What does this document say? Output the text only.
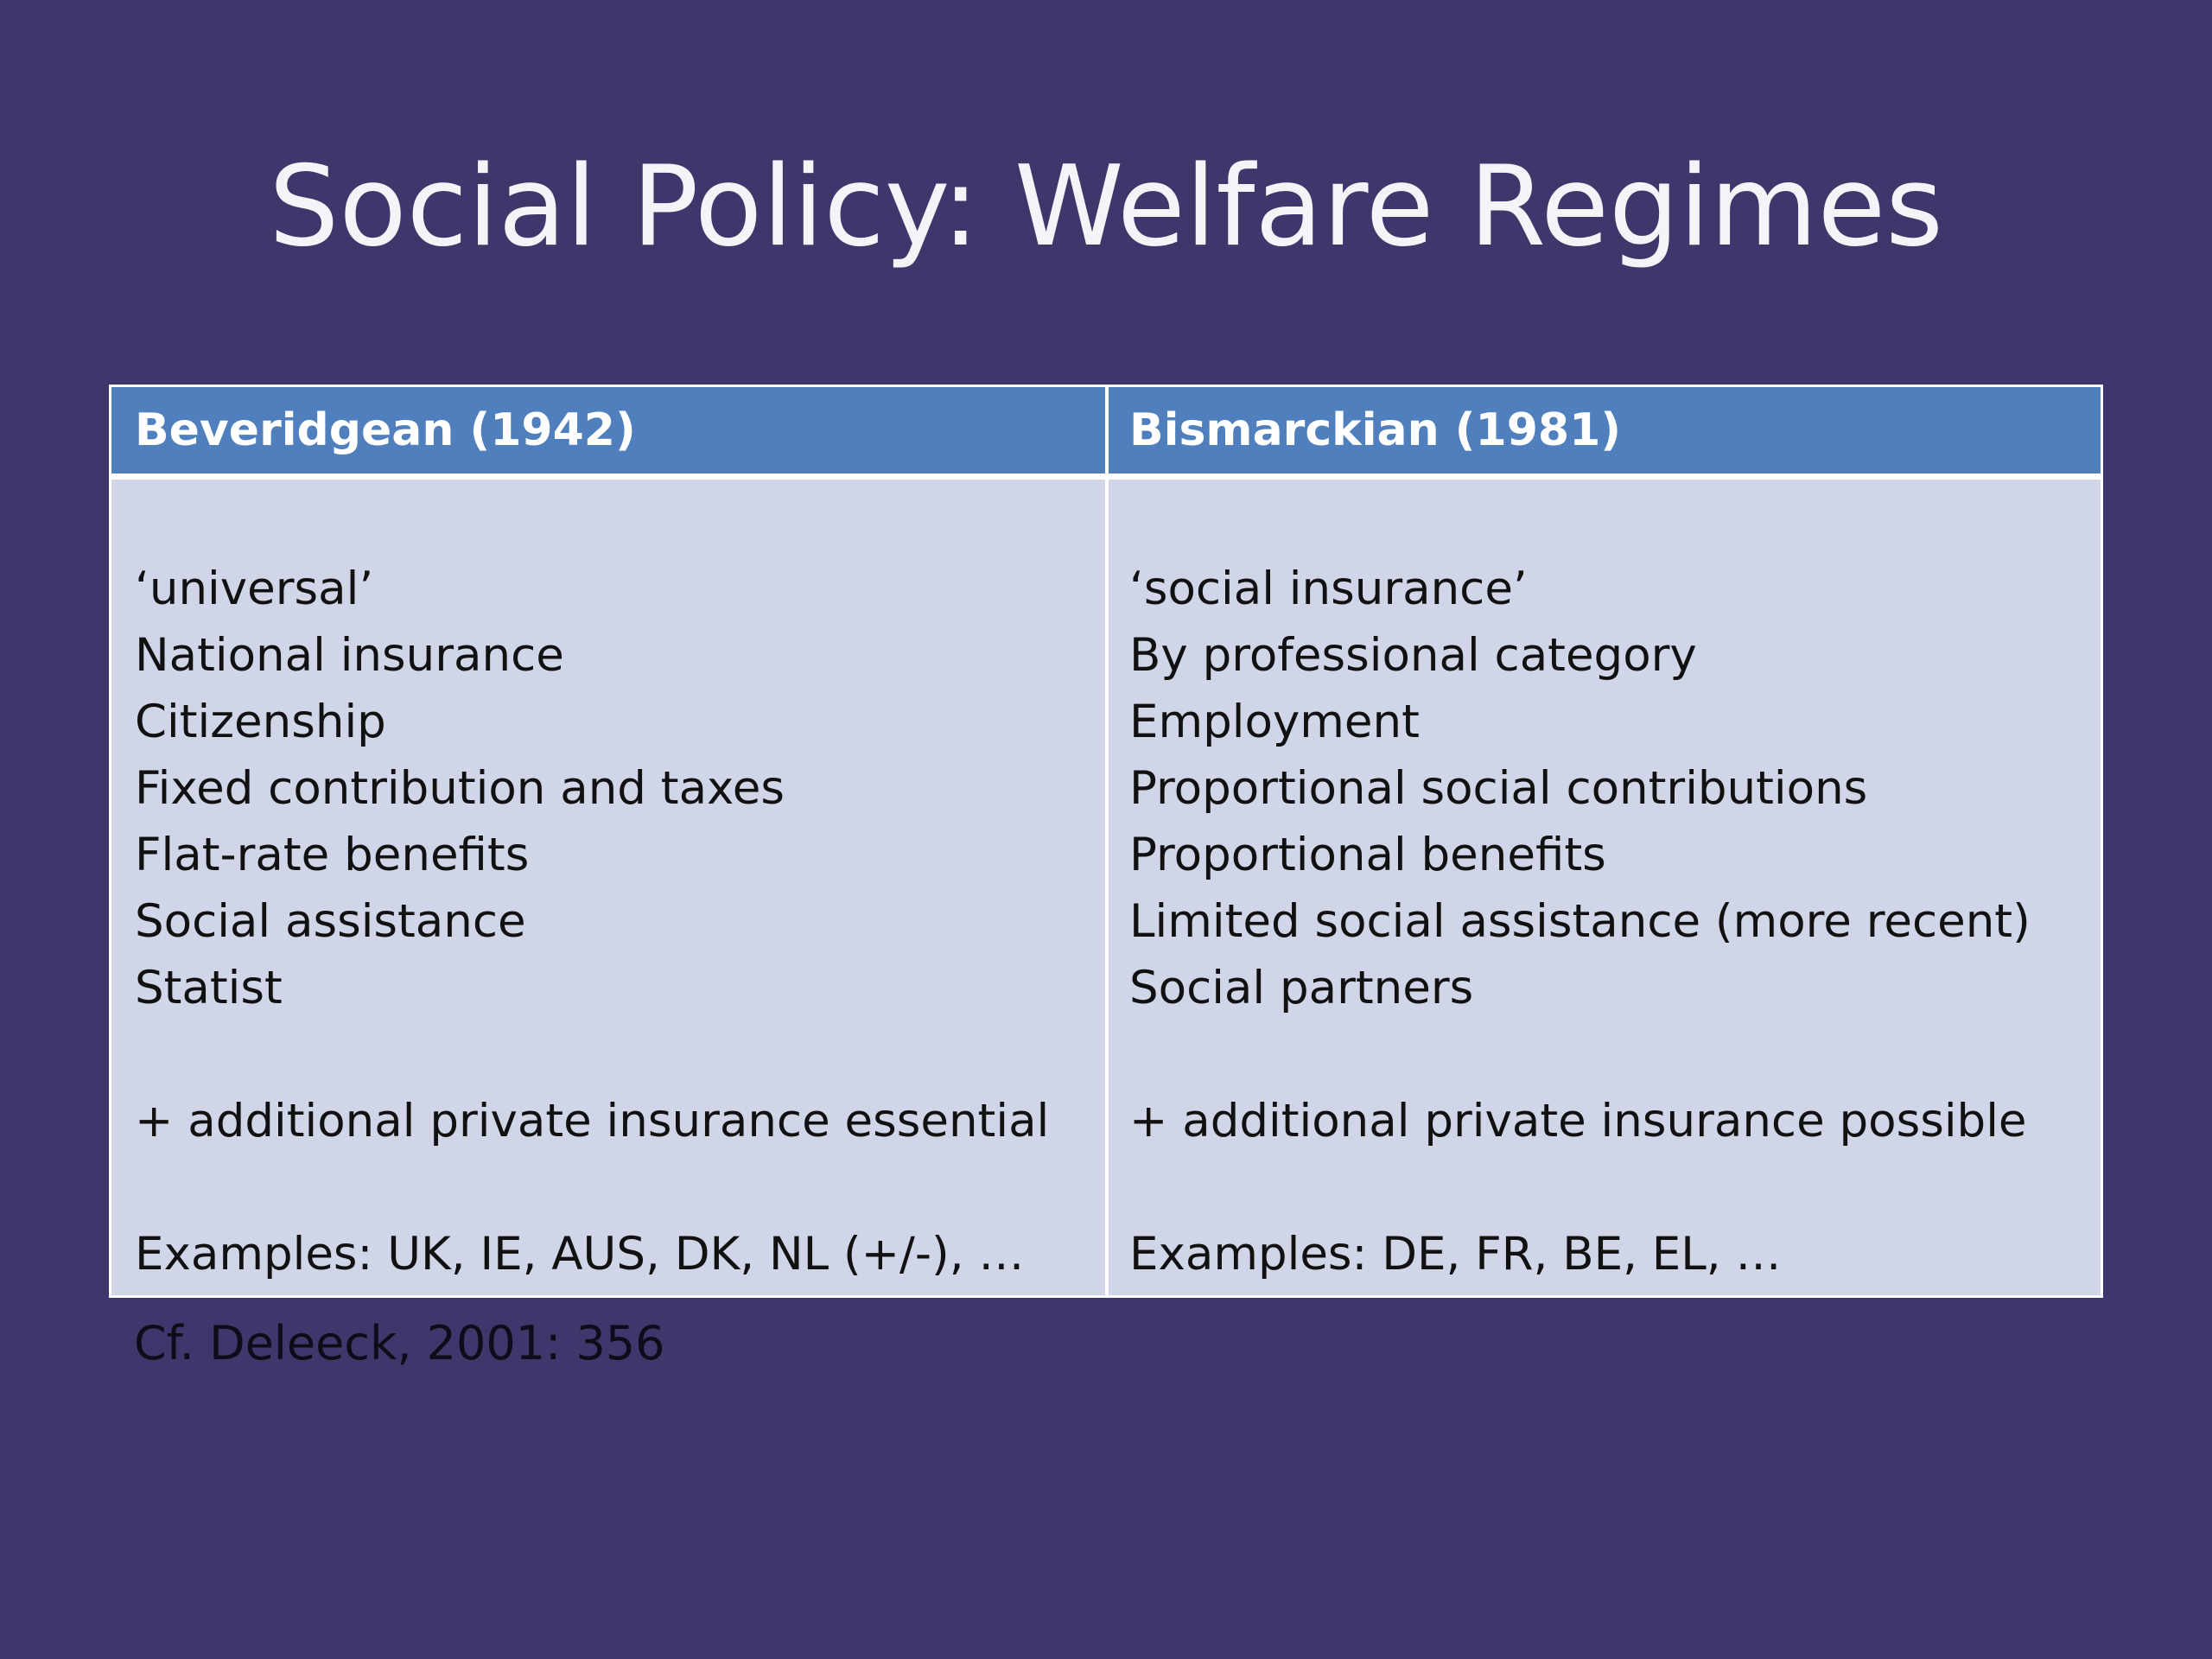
Social Policy: Welfare Regimes
Beveridgean (1942)	Bismarckian (1981)
‘universal’
National insurance
Citizenship
Fixed contribution and taxes
Flat-rate benefits
Social assistance
Statist
+ additional private insurance essential
Examples: UK, IE, AUS, DK, NL (+/-), …
‘social insurance’
By professional category
Employment
Proportional social contributions
Proportional benefits
Limited social assistance (more recent)
Social partners
+ additional private insurance possible
Examples: DE, FR, BE, EL, …
Cf. Deleeck, 2001: 356
